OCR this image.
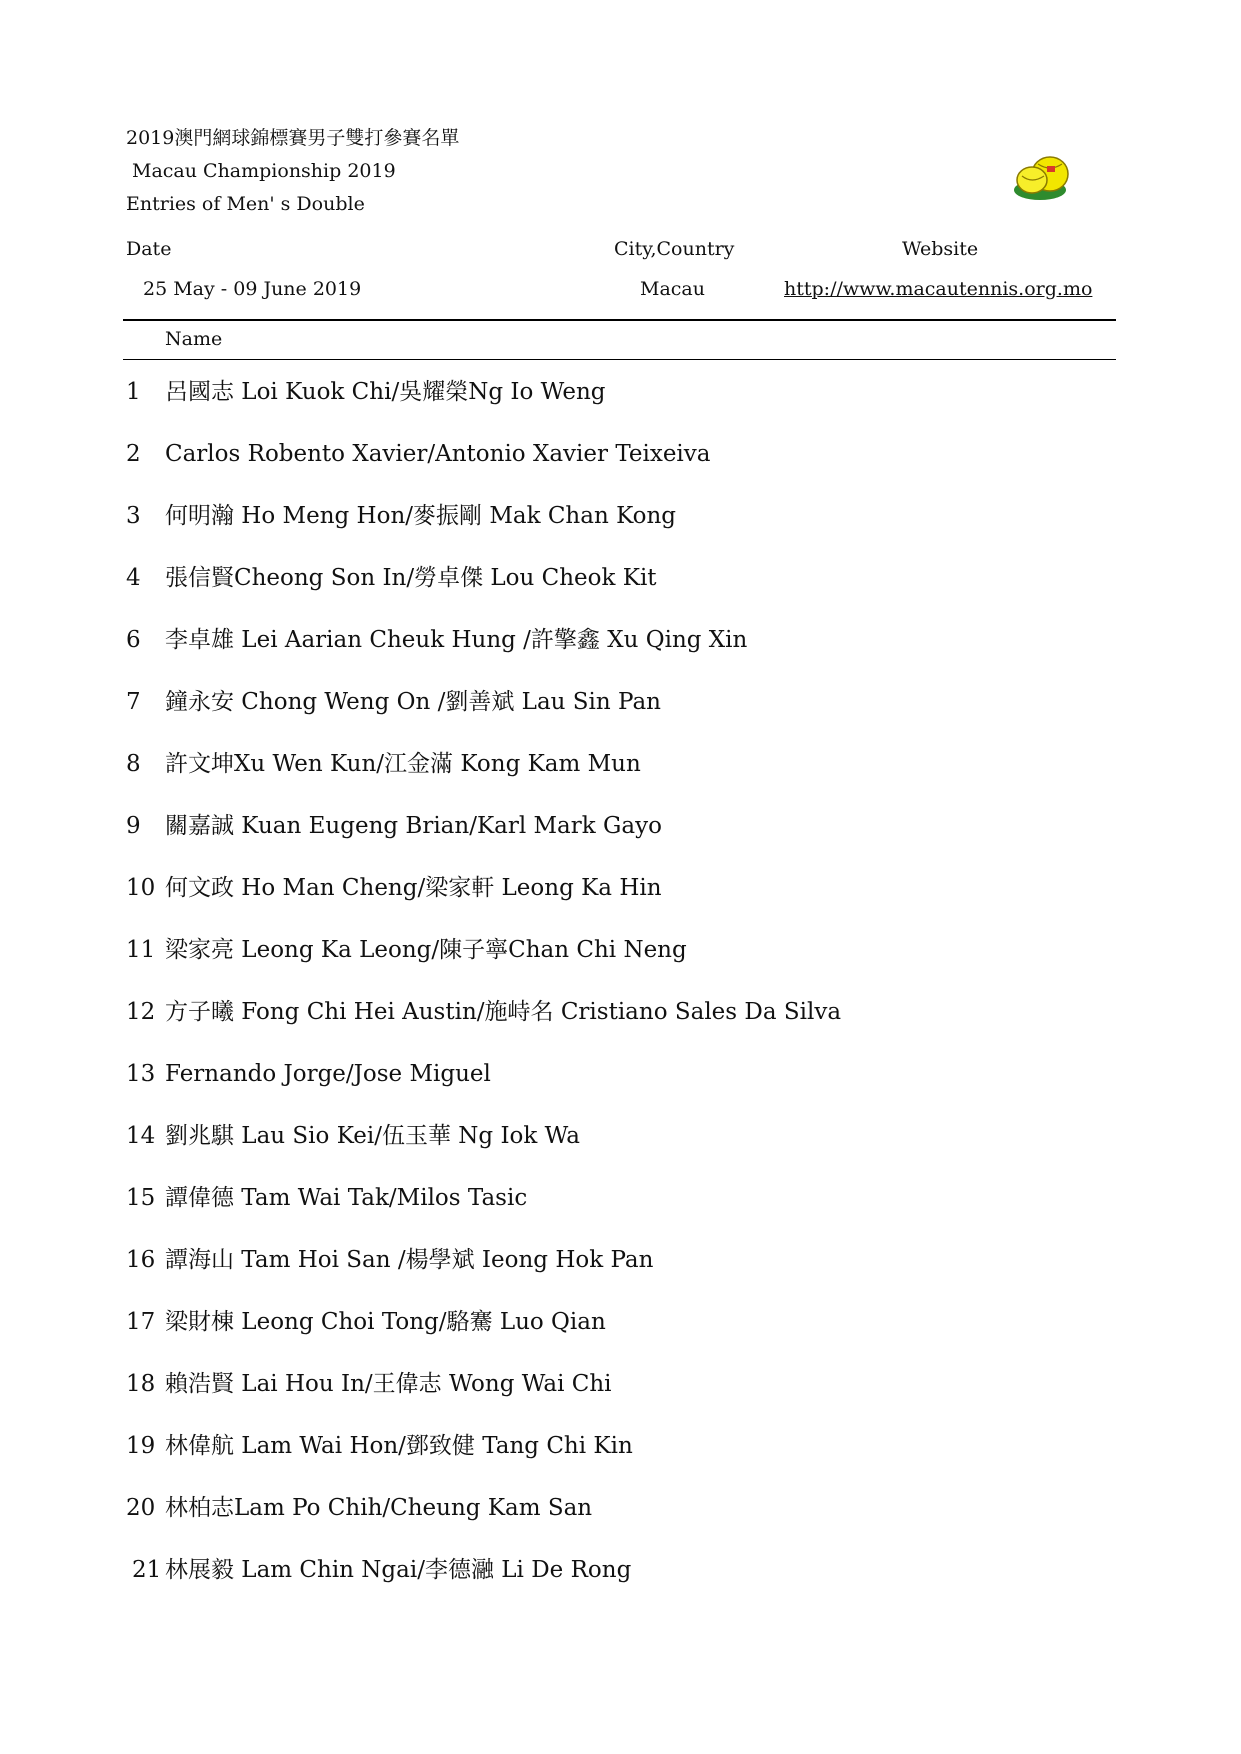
2019澳門網球錦標賽男子雙打參賽名單
Macau Championship 2019
Entries of Men' s Double
Date	City,Country	Website
25 May - 09 June 2019	Macau	http://www.macautennis.org.mo
Name
1 呂國志 Loi Kuok Chi/吳耀榮Ng Io Weng
2 Carlos Robento Xavier/Antonio Xavier Teixeiva
3 何明瀚 Ho Meng Hon/麥振剛 Mak Chan Kong
4 張信賢Cheong Son In/勞卓傑 Lou Cheok Kit
6 李卓雄 Lei Aarian Cheuk Hung /許擎鑫 Xu Qing Xin
7 鐘永安 Chong Weng On /劉善斌 Lau Sin Pan
8 許文坤Xu Wen Kun/江金滿 Kong Kam Mun
9 關嘉誠 Kuan Eugeng Brian/Karl Mark Gayo
10 何文政 Ho Man Cheng/梁家軒 Leong Ka Hin
11 梁家亮 Leong Ka Leong/陳子寧Chan Chi Neng
12 方子曦 Fong Chi Hei Austin/施峙名 Cristiano Sales Da Silva
13 Fernando Jorge/Jose Miguel
14 劉兆騏 Lau Sio Kei/伍玉華 Ng Iok Wa
15 譚偉德 Tam Wai Tak/Milos Tasic
16 譚海山 Tam Hoi San /楊學斌 Ieong Hok Pan
17 梁財棟 Leong Choi Tong/駱騫 Luo Qian
18 賴浩賢 Lai Hou In/王偉志 Wong Wai Chi
19 林偉航 Lam Wai Hon/鄧致健 Tang Chi Kin
20 林柏志Lam Po Chih/Cheung Kam San
21 林展毅 Lam Chin Ngai/李德瀜 Li De Rong
